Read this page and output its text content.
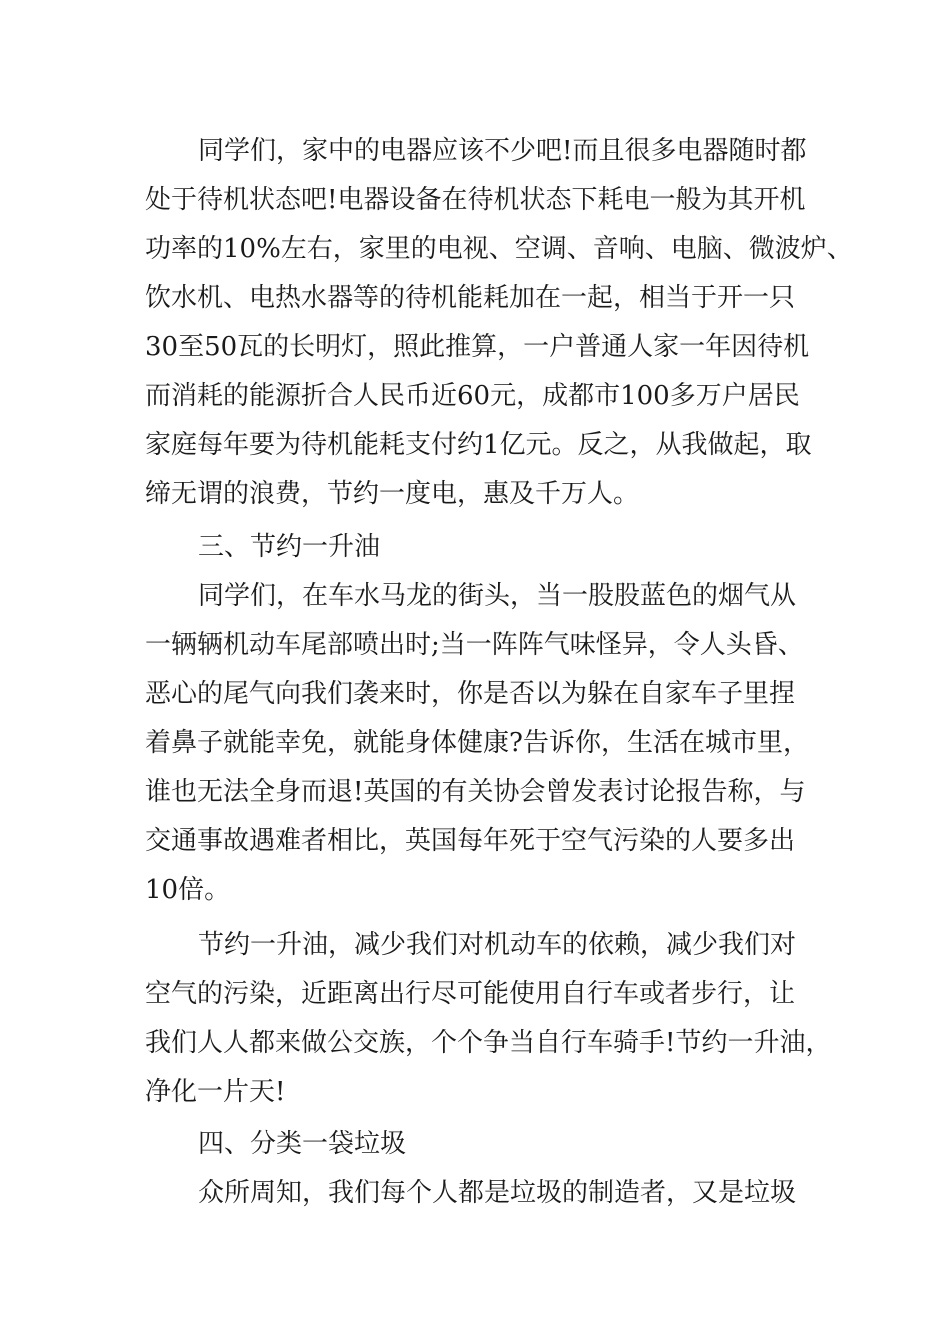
同学们，家中的电器应该不少吧!而且很多电器随时都

处于待机状态吧!电器设备在待机状态下耗电一般为其开机

功率的10%左右，家里的电视、空调、音响、电脑、微波炉、

饮水机、电热水器等的待机能耗加在一起，相当于开一只

30至50瓦的长明灯，照此推算，一户普通人家一年因待机

而消耗的能源折合人民币近60元，成都市100多万户居民

家庭每年要为待机能耗支付约1亿元。反之，从我做起，取

缔无谓的浪费，节约一度电，惠及千万人。

三、节约一升油

同学们，在车水马龙的街头，当一股股蓝色的烟气从

一辆辆机动车尾部喷出时;当一阵阵气味怪异，令人头昏、

恶心的尾气向我们袭来时，你是否以为躲在自家车子里捏

着鼻子就能幸免，就能身体健康?告诉你，生活在城市里，

谁也无法全身而退!英国的有关协会曾发表讨论报告称，与

交通事故遇难者相比，英国每年死于空气污染的人要多出

10倍。

节约一升油，减少我们对机动车的依赖，减少我们对

空气的污染，近距离出行尽可能使用自行车或者步行，让

我们人人都来做公交族，个个争当自行车骑手!节约一升油，

净化一片天!

四、分类一袋垃圾

众所周知，我们每个人都是垃圾的制造者，又是垃圾
